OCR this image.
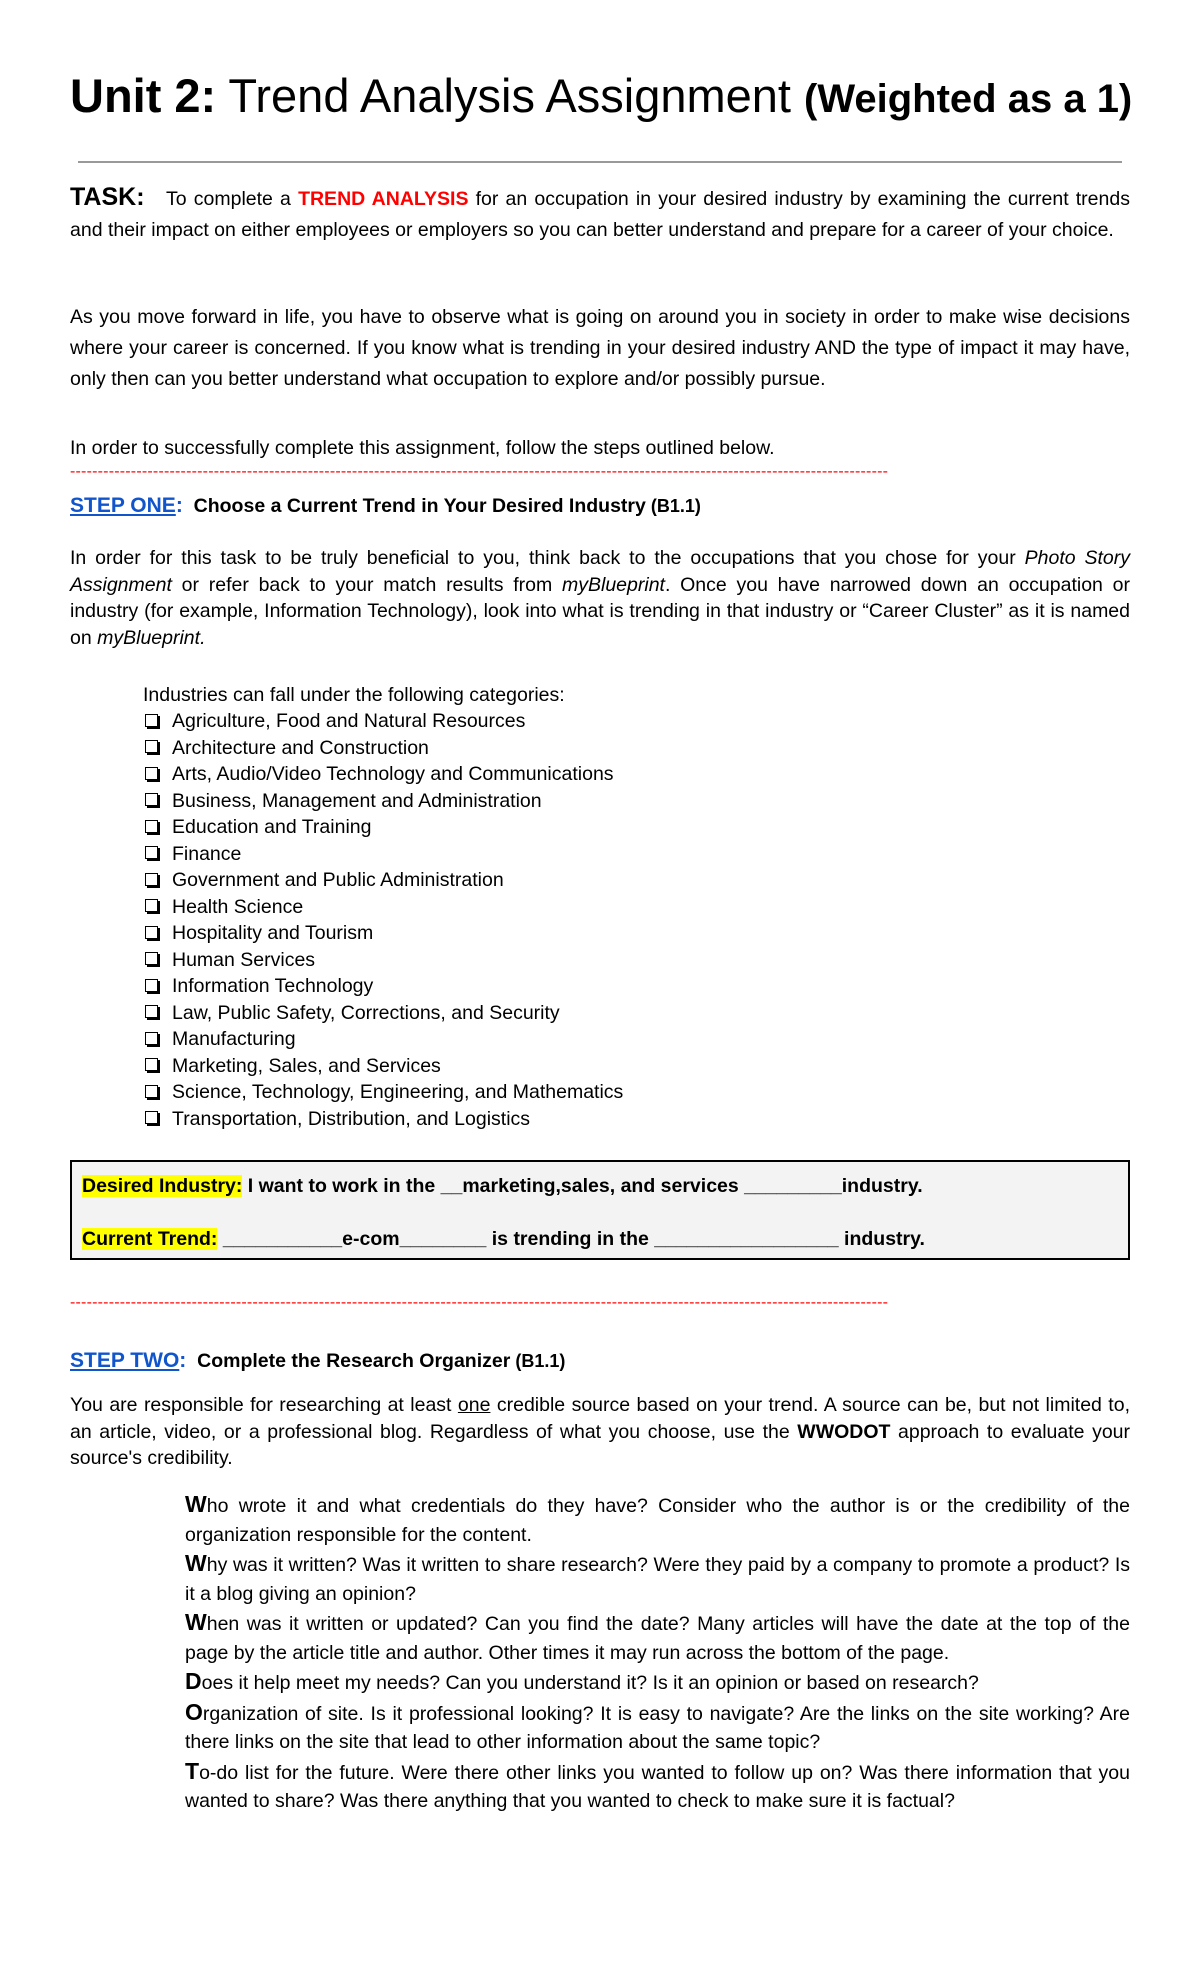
Unit 2: Trend Analysis Assignment (Weighted as a 1)
TASK: To complete a TREND ANALYSIS for an occupation in your desired industry by examining the current trends and their impact on either employees or employers so you can better understand and prepare for a career of your choice.
As you move forward in life, you have to observe what is going on around you in society in order to make wise decisions where your career is concerned. If you know what is trending in your desired industry AND the type of impact it may have, only then can you better understand what occupation to explore and/or possibly pursue.
In order to successfully complete this assignment, follow the steps outlined below.
----------------------------------------------------------------------------------------------------------------------------------------------------
STEP ONE: Choose a Current Trend in Your Desired Industry (B1.1)
In order for this task to be truly beneficial to you, think back to the occupations that you chose for your Photo Story Assignment or refer back to your match results from myBlueprint. Once you have narrowed down an occupation or industry (for example, Information Technology), look into what is trending in that industry or “Career Cluster” as it is named on myBlueprint.
Industries can fall under the following categories:
Agriculture, Food and Natural Resources
Architecture and Construction
Arts, Audio/Video Technology and Communications
Business, Management and Administration
Education and Training
Finance
Government and Public Administration
Health Science
Hospitality and Tourism
Human Services
Information Technology
Law, Public Safety, Corrections, and Security
Manufacturing
Marketing, Sales, and Services
Science, Technology, Engineering, and Mathematics
Transportation, Distribution, and Logistics
Desired Industry: I want to work in the __marketing,sales, and services _________industry.
Current Trend: ___________e-com________ is trending in the _________________ industry.
----------------------------------------------------------------------------------------------------------------------------------------------------
STEP TWO: Complete the Research Organizer (B1.1)
You are responsible for researching at least one credible source based on your trend. A source can be, but not limited to, an article, video, or a professional blog. Regardless of what you choose, use the WWODOT approach to evaluate your source's credibility.

Who wrote it and what credentials do they have? Consider who the author is or the credibility of the organization responsible for the content.

Why was it written? Was it written to share research? Were they paid by a company to promote a product? Is it a blog giving an opinion?

When was it written or updated? Can you find the date? Many articles will have the date at the top of the page by the article title and author. Other times it may run across the bottom of the page.

Does it help meet my needs? Can you understand it? Is it an opinion or based on research?

Organization of site. Is it professional looking? It is easy to navigate? Are the links on the site working? Are there links on the site that lead to other information about the same topic?

To-do list for the future. Were there other links you wanted to follow up on? Was there information that you wanted to share? Was there anything that you wanted to check to make sure it is factual?
